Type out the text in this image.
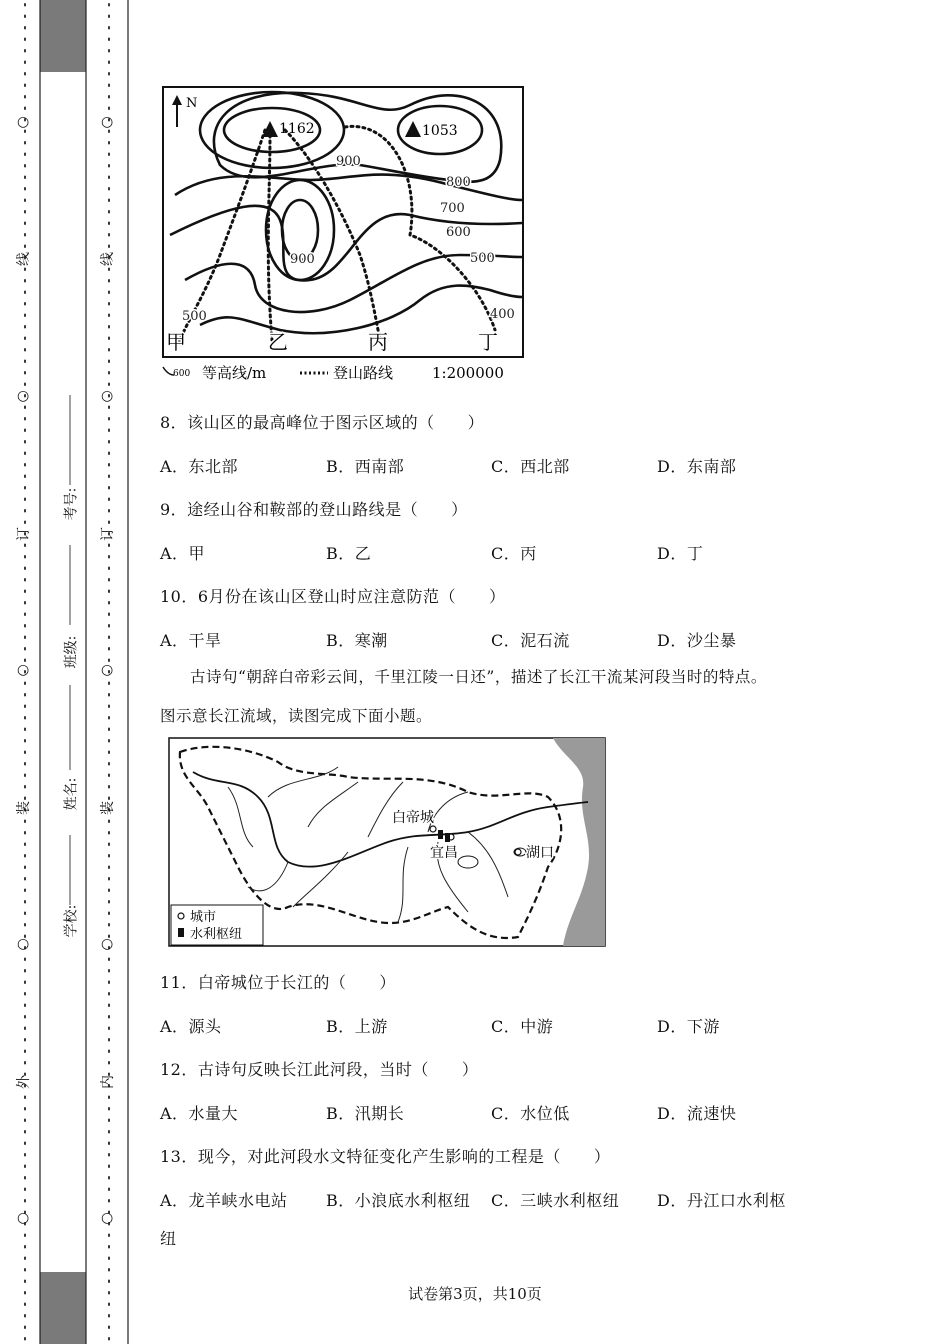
○
○
○
○
○
○
○
○
○
○
线
订
装
外
线
订
装
内
考号:
班级:
姓名:
学校:
N
1162	1053
900
800
700
600
500
900
500	400
甲	乙	丙	丁
600 等高线/m	登山路线	1:200000
8．该山区的最高峰位于图示区域的（　　）
A．东北部	B．西南部	C．西北部	D．东南部
9．途经山谷和鞍部的登山路线是（　　）
A．甲	B．乙	C．丙	D．丁
10．6月份在该山区登山时应注意防范（　　）
A．干旱	B．寒潮	C．泥石流	D．沙尘暴
古诗句“朝辞白帝彩云间，千里江陵一日还”，描述了长江干流某河段当时的特点。
图示意长江流域，读图完成下面小题。
白帝城
宜昌	湖口
城市
水利枢纽
11．白帝城位于长江的（　　）
A．源头	B．上游	C．中游	D．下游
12．古诗句反映长江此河段，当时（　　）
A．水量大	B．汛期长	C．水位低	D．流速快
13．现今，对此河段水文特征变化产生影响的工程是（　　）
A．龙羊峡水电站 B．小浪底水利枢纽 C．三峡水利枢纽 D．丹江口水利枢
纽
试卷第3页，共10页
